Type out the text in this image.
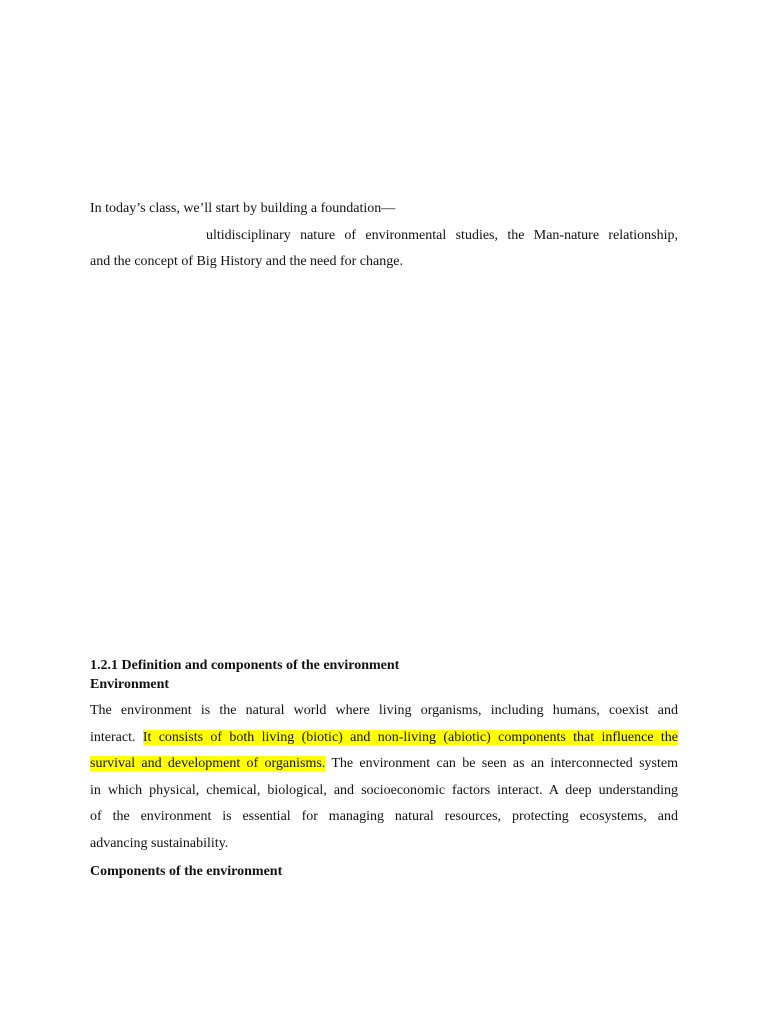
In today’s class, we’ll start by building a foundation—
ultidisciplinary nature of environmental studies, the Man-nature relationship,
and the concept of Big History and the need for change.
1.2.1 Definition and components of the environment
Environment
The environment is the natural world where living organisms, including humans, coexist and
interact. It consists of both living (biotic) and non-living (abiotic) components that influence the
survival and development of organisms. The environment can be seen as an interconnected system
in which physical, chemical, biological, and socioeconomic factors interact. A deep understanding
of the environment is essential for managing natural resources, protecting ecosystems, and
advancing sustainability.
Components of the environment
